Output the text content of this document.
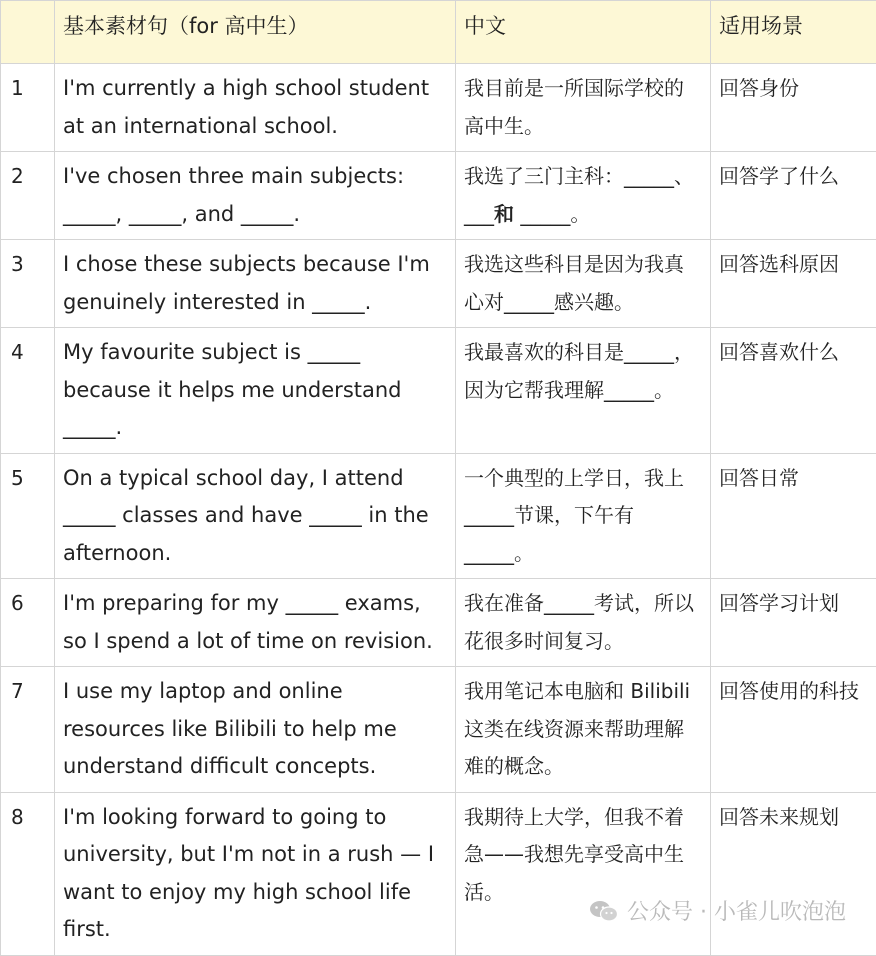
	基本素材句（for 高中生）	中文	适用场景
1	I'm currently a high school student at an international school.	我目前是一所国际学校的高中生。	回答身份
2	I've chosen three main subjects: _____, _____, and _____.	我选了三门主科：_____、 ___和 _____。	回答学了什么
3	I chose these subjects because I'm genuinely interested in _____.	我选这些科目是因为我真心对_____感兴趣。	回答选科原因
4	My favourite subject is _____ because it helps me understand _____.	我最喜欢的科目是_____，因为它帮我理解_____。	回答喜欢什么
5	On a typical school day, I attend _____ classes and have _____ in the afternoon.	一个典型的上学日，我上_____节课，下午有_____。	回答日常
6	I'm preparing for my _____ exams, so I spend a lot of time on revision.	我在准备_____考试，所以花很多时间复习。	回答学习计划
7	I use my laptop and online resources like Bilibili to help me understand difficult concepts.	我用笔记本电脑和 Bilibili 这类在线资源来帮助理解难的概念。	回答使用的科技
8	I'm looking forward to going to university, but I'm not in a rush — I want to enjoy my high school life first.	我期待上大学，但我不着急——我想先享受高中生活。	回答未来规划
公众号 · 小雀儿吹泡泡
